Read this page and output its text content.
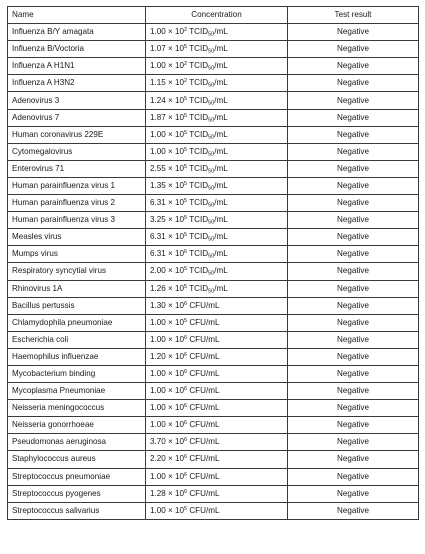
Name	Concentration	Test result
Influenza B/Y amagata	$1.00 \times 10^2$ $TCID_{50}/mL$	Negative
Influenza B/Voctoria	$1.07 \times 10^5$ $TCID_{50}/mL$	Negative
Influenza A H1N1	$1.00 \times 10^2$ $TCID_{50}/mL$	Negative
Influenza A H3N2	$1.15 \times 10^2$ $TCID_{50}/mL$	Negative
Adenovirus 3	$1.24 \times 10^5$ $TCID_{50}/mL$	Negative
Adenovirus 7	$1.87 \times 10^5$ $TCID_{50}/mL$	Negative
Human coronavirus 229E	$1.00 \times 10^5$ $TCID_{50}/mL$	Negative
Cytomegalovirus	$1.00 \times 10^5$ $TCID_{50}/mL$	Negative
Enterovirus 71	$2.55 \times 10^5$ $TCID_{50}/mL$	Negative
Human parainfluenza virus 1	$1.35 \times 10^5$ $TCID_{50}/mL$	Negative
Human parainfluenza virus 2	$6.31 \times 10^5$ $TCID_{50}/mL$	Negative
Human parainfluenza virus 3	$3.25 \times 10^5$ $TCID_{50}/mL$	Negative
Measles virus	$6.31 \times 10^5$ $TCID_{50}/mL$	Negative
Mumps virus	$6.31 \times 10^6$ $TCID_{50}/mL$	Negative
Respiratory syncytial virus	$2.00 \times 10^5$ $TCID_{50}/mL$	Negative
Rhinovirus 1A	$1.26 \times 10^5$ $TCID_{50}/mL$	Negative
Bacillus pertussis	$1.30 \times 10^6$ CFU/mL	Negative
Chlamydophila pneumoniae	$1.00 \times 10^5$ CFU/mL	Negative
Escherichia coli	$1.00 \times 10^6$ CFU/mL	Negative
Haemophilus influenzae	$1.20 \times 10^6$ CFU/mL	Negative
Mycobacterium binding	$1.00 \times 10^6$ CFU/mL	Negative
Mycoplasma Pneumoniae	$1.00 \times 10^6$ CFU/mL	Negative
Neisseria meningococcus	$1.00 \times 10^6$ CFU/mL	Negative
Neisseria gonorrhoeae	$1.00 \times 10^6$ CFU/mL	Negative
Pseudomonas aeruginosa	$3.70 \times 10^6$ CFU/mL	Negative
Staphylococcus aureus	$2.20 \times 10^6$ CFU/mL	Negative
Streptococcus pneumoniae	$1.00 \times 10^6$ CFU/mL	Negative
Streptococcus pyogenes	$1.28 \times 10^6$ CFU/mL	Negative
Streptococcus salivarius	$1.00 \times 10^5$ CFU/mL	Negative
